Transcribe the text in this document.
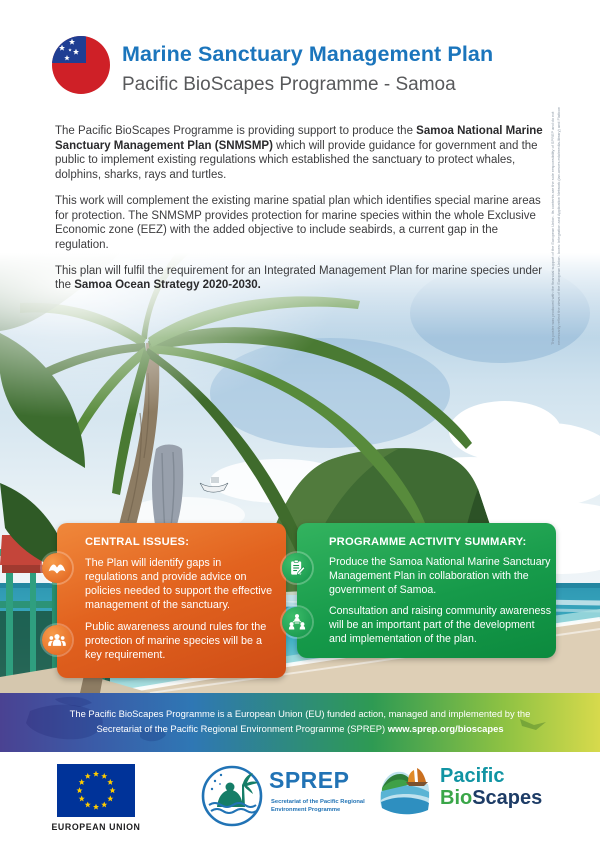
Marine Sanctuary Management Plan
Pacific BioScapes Programme - Samoa

The Pacific BioScapes Programme is providing support to produce the Samoa National Marine Sanctuary Management Plan (SNMSMP) which will provide guidance for government and the public to implement existing regulations which established the sanctuary to protect whales, dolphins, sharks, rays and turtles.

This work will complement the existing marine spatial plan which identifies special marine areas for protection. The SNMSMP provides protection for marine species within the whole Exclusive Economic zone (EEZ) with the added objective to include seabirds, a current gap in the regulation.

This plan will fulfil the requirement for an Integrated Management Plan for marine species under the Samoa Ocean Strategy 2020-2030.	This poster was produced with the financial support of the European Union. Its contents are the sole responsibility of SPREP and do not necessarily reflect the views of the European Union. Icons: Integration and Application Network (ian.umces.edu/media-library) and Flaticon
CENTRAL ISSUES:
The Plan will identify gaps in regulations and provide advice on policies needed to support the effective management of the sanctuary.
Public awareness around rules for the protection of marine species will be a key requirement.
PROGRAMME ACTIVITY SUMMARY:
Produce the Samoa National Marine Sanctuary Management Plan in collaboration with the government of Samoa.
Consultation and raising community awareness will be an important part of the development and implementation of the plan.
The Pacific BioScapes Programme is a European Union (EU) funded action, managed and implemented by the
Secretariat of the Pacific Regional Environment Programme (SPREP) www.sprep.org/bioscapes
EUROPEAN UNION
SPREP
Secretariat of the Pacific Regional
Environment Programme
Pacific
BioScapes
